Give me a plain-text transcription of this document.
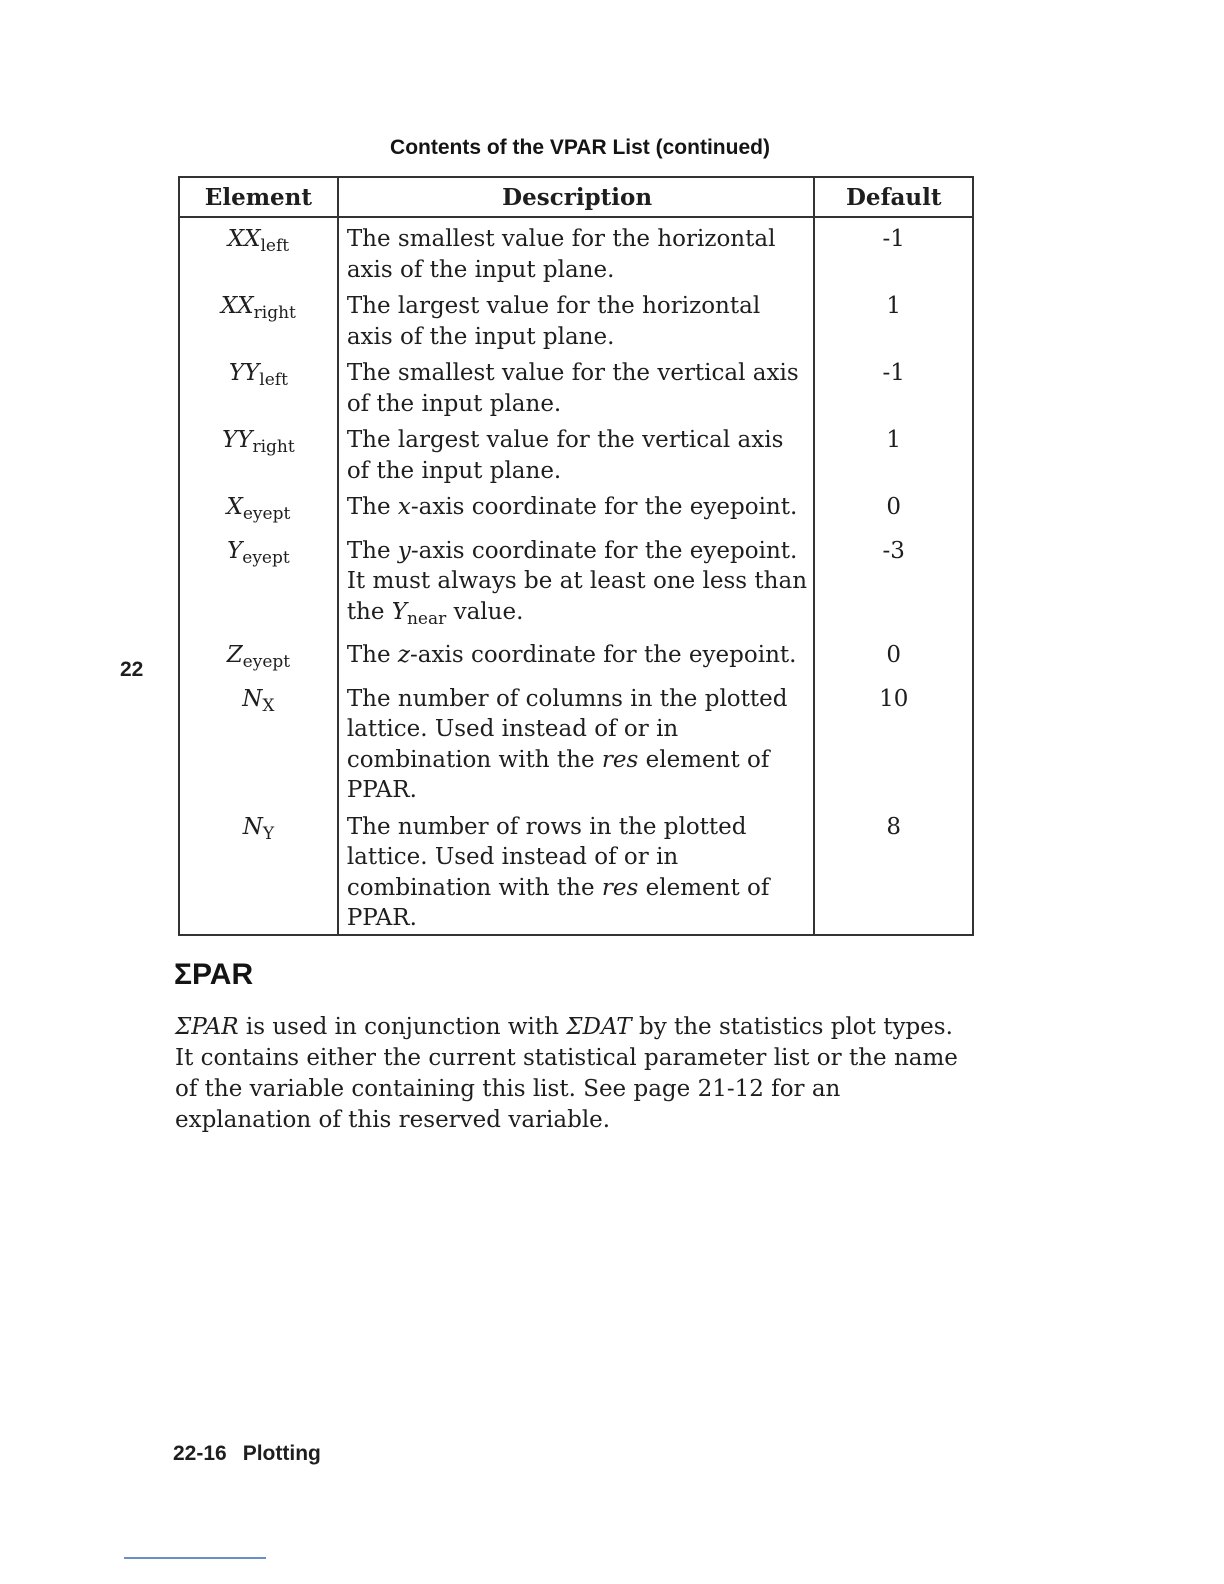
Contents of the VPAR List (continued)
Element	Description	Default
$XX_{left}$	The smallest value for the horizontal axis of the input plane.	-1
$XX_{right}$	The largest value for the horizontal axis of the input plane.	1
$YY_{left}$	The smallest value for the vertical axis of the input plane.	-1
$YY_{right}$	The largest value for the vertical axis of the input plane.	1
$X_{eyept}$	The x-axis coordinate for the eyepoint.	0
$Y_{eyept}$	The y-axis coordinate for the eyepoint. It must always be at least one less than the $Y_{near}$ value.	-3
$Z_{eyept}$	The z-axis coordinate for the eyepoint.	0
$N_X$	The number of columns in the plotted lattice. Used instead of or in combination with the res element of PPAR.	10
$N_Y$	The number of rows in the plotted lattice. Used instead of or in combination with the res element of PPAR.	8
22
ΣPAR

ΣPAR is used in conjunction with ΣDAT by the statistics plot types. It contains either the current statistical parameter list or the name of the variable containing this list. See page 21-12 for an explanation of this reserved variable.

22-16 Plotting
